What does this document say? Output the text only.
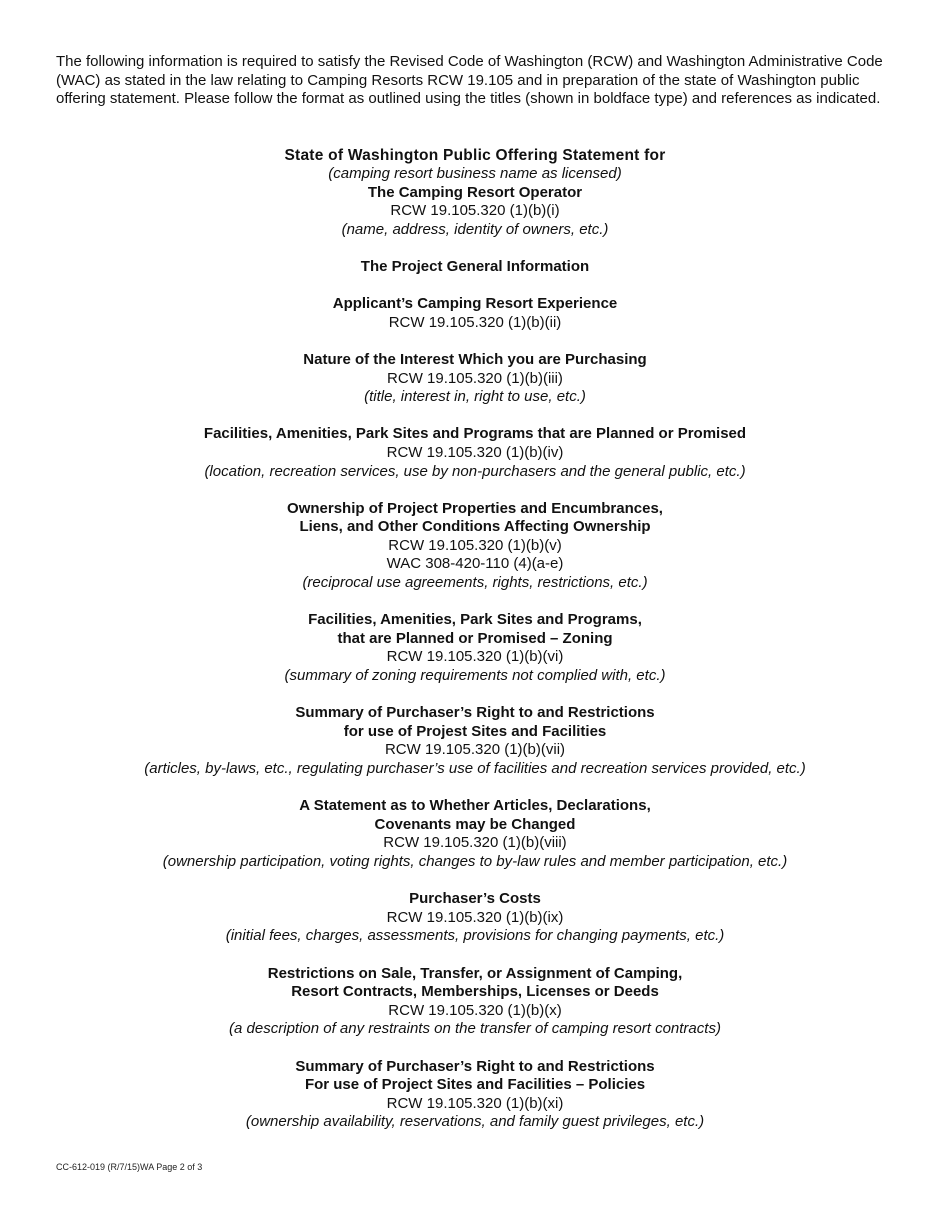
The following information is required to satisfy the Revised Code of Washington (RCW) and Washington Administrative Code (WAC) as stated in the law relating to Camping Resorts RCW 19.105 and in preparation of the state of Washington public offering statement. Please follow the format as outlined using the titles (shown in boldface type) and references as indicated.

State of Washington Public Offering Statement for
(camping resort business name as licensed)
The Camping Resort Operator
RCW 19.105.320 (1)(b)(i)
(name, address, identity of owners, etc.)
The Project General Information
Applicant’s Camping Resort Experience
RCW 19.105.320 (1)(b)(ii)
Nature of the Interest Which you are Purchasing
RCW 19.105.320 (1)(b)(iii)
(title, interest in, right to use, etc.)
Facilities, Amenities, Park Sites and Programs that are Planned or Promised
RCW 19.105.320 (1)(b)(iv)
(location, recreation services, use by non-purchasers and the general public, etc.)
Ownership of Project Properties and Encumbrances,
Liens, and Other Conditions Affecting Ownership
RCW 19.105.320 (1)(b)(v)
WAC 308-420-110 (4)(a-e)
(reciprocal use agreements, rights, restrictions, etc.)
Facilities, Amenities, Park Sites and Programs,
that are Planned or Promised – Zoning
RCW 19.105.320 (1)(b)(vi)
(summary of zoning requirements not complied with, etc.)
Summary of Purchaser’s Right to and Restrictions
for use of Projest Sites and Facilities
RCW 19.105.320 (1)(b)(vii)
(articles, by-laws, etc., regulating purchaser’s use of facilities and recreation services provided, etc.)
A Statement as to Whether Articles, Declarations,
Covenants may be Changed
RCW 19.105.320 (1)(b)(viii)
(ownership participation, voting rights, changes to by-law rules and member participation, etc.)
Purchaser’s Costs
RCW 19.105.320 (1)(b)(ix)
(initial fees, charges, assessments, provisions for changing payments, etc.)
Restrictions on Sale, Transfer, or Assignment of Camping,
Resort Contracts, Memberships, Licenses or Deeds
RCW 19.105.320 (1)(b)(x)
(a description of any restraints on the transfer of camping resort contracts)
Summary of Purchaser’s Right to and Restrictions
For use of Project Sites and Facilities – Policies
RCW 19.105.320 (1)(b)(xi)
(ownership availability, reservations, and family guest privileges, etc.)
CC-612-019 (R/7/15)WA Page 2 of 3
